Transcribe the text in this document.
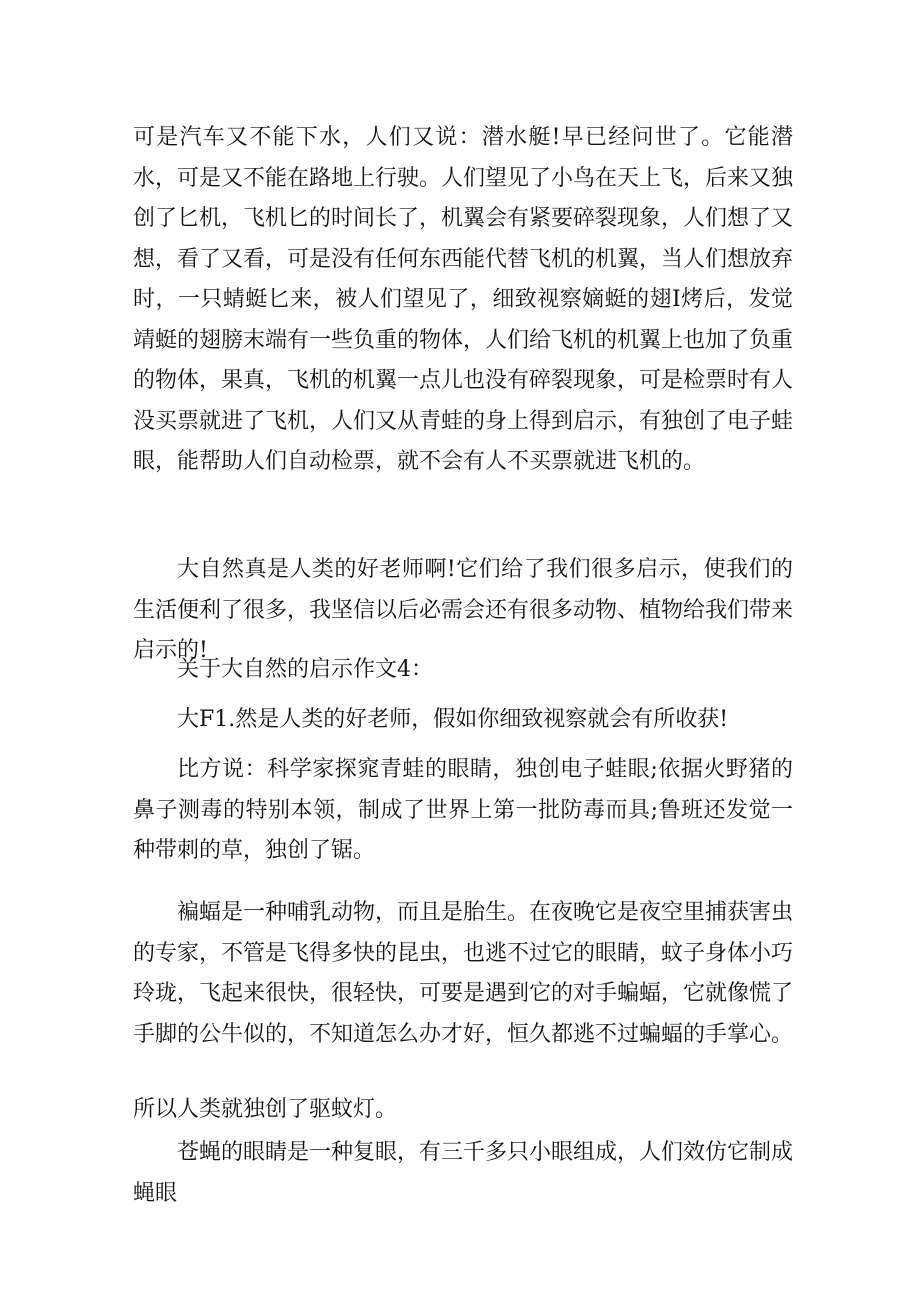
可是汽车又不能下水，人们又说：潜水艇!早已经问世了。它能潜水，可是又不能在路地上行驶。人们望见了小鸟在天上飞，后来又独创了匕机，飞机匕的时间长了，机翼会有紧要碎裂现象，人们想了又想，看了又看，可是没有任何东西能代替飞机的机翼，当人们想放弃时，一只蜻蜓匕来，被人们望见了，细致视察嫡蜓的翅I烤后，发觉靖蜓的翅膀末端有一些负重的物体，人们给飞机的机翼上也加了负重的物体，果真，飞机的机翼一点儿也没有碎裂现象，可是检票时有人没买票就进了飞机，人们又从青蛙的身上得到启示，有独创了电子蛙眼，能帮助人们自动检票，就不会有人不买票就进飞机的。

大自然真是人类的好老师啊!它们给了我们很多启示，使我们的生活便利了很多，我坚信以后必需会还有很多动物、植物给我们带来启示的!

关于大自然的启示作文4：

大F1.然是人类的好老师，假如你细致视察就会有所收获!

比方说：科学家探窕青蛙的眼睛，独创电子蛙眼;依据火野猪的鼻子测毒的特别本领，制成了世界上第一批防毒而具;鲁班还发觉一种带刺的草，独创了锯。

褊蝠是一种哺乳动物，而且是胎生。在夜晚它是夜空里捕获害虫的专家，不管是飞得多快的昆虫，也逃不过它的眼睛，蚊子身体小巧玲珑，飞起来很快，很轻快，可要是遇到它的对手蝙蝠，它就像慌了手脚的公牛似的，不知道怎么办才好，恒久都逃不过蝙蝠的手掌心。

所以人类就独创了驱蚊灯。

苍蝇的眼睛是一种复眼，有三千多只小眼组成，人们效仿它制成蝇眼
